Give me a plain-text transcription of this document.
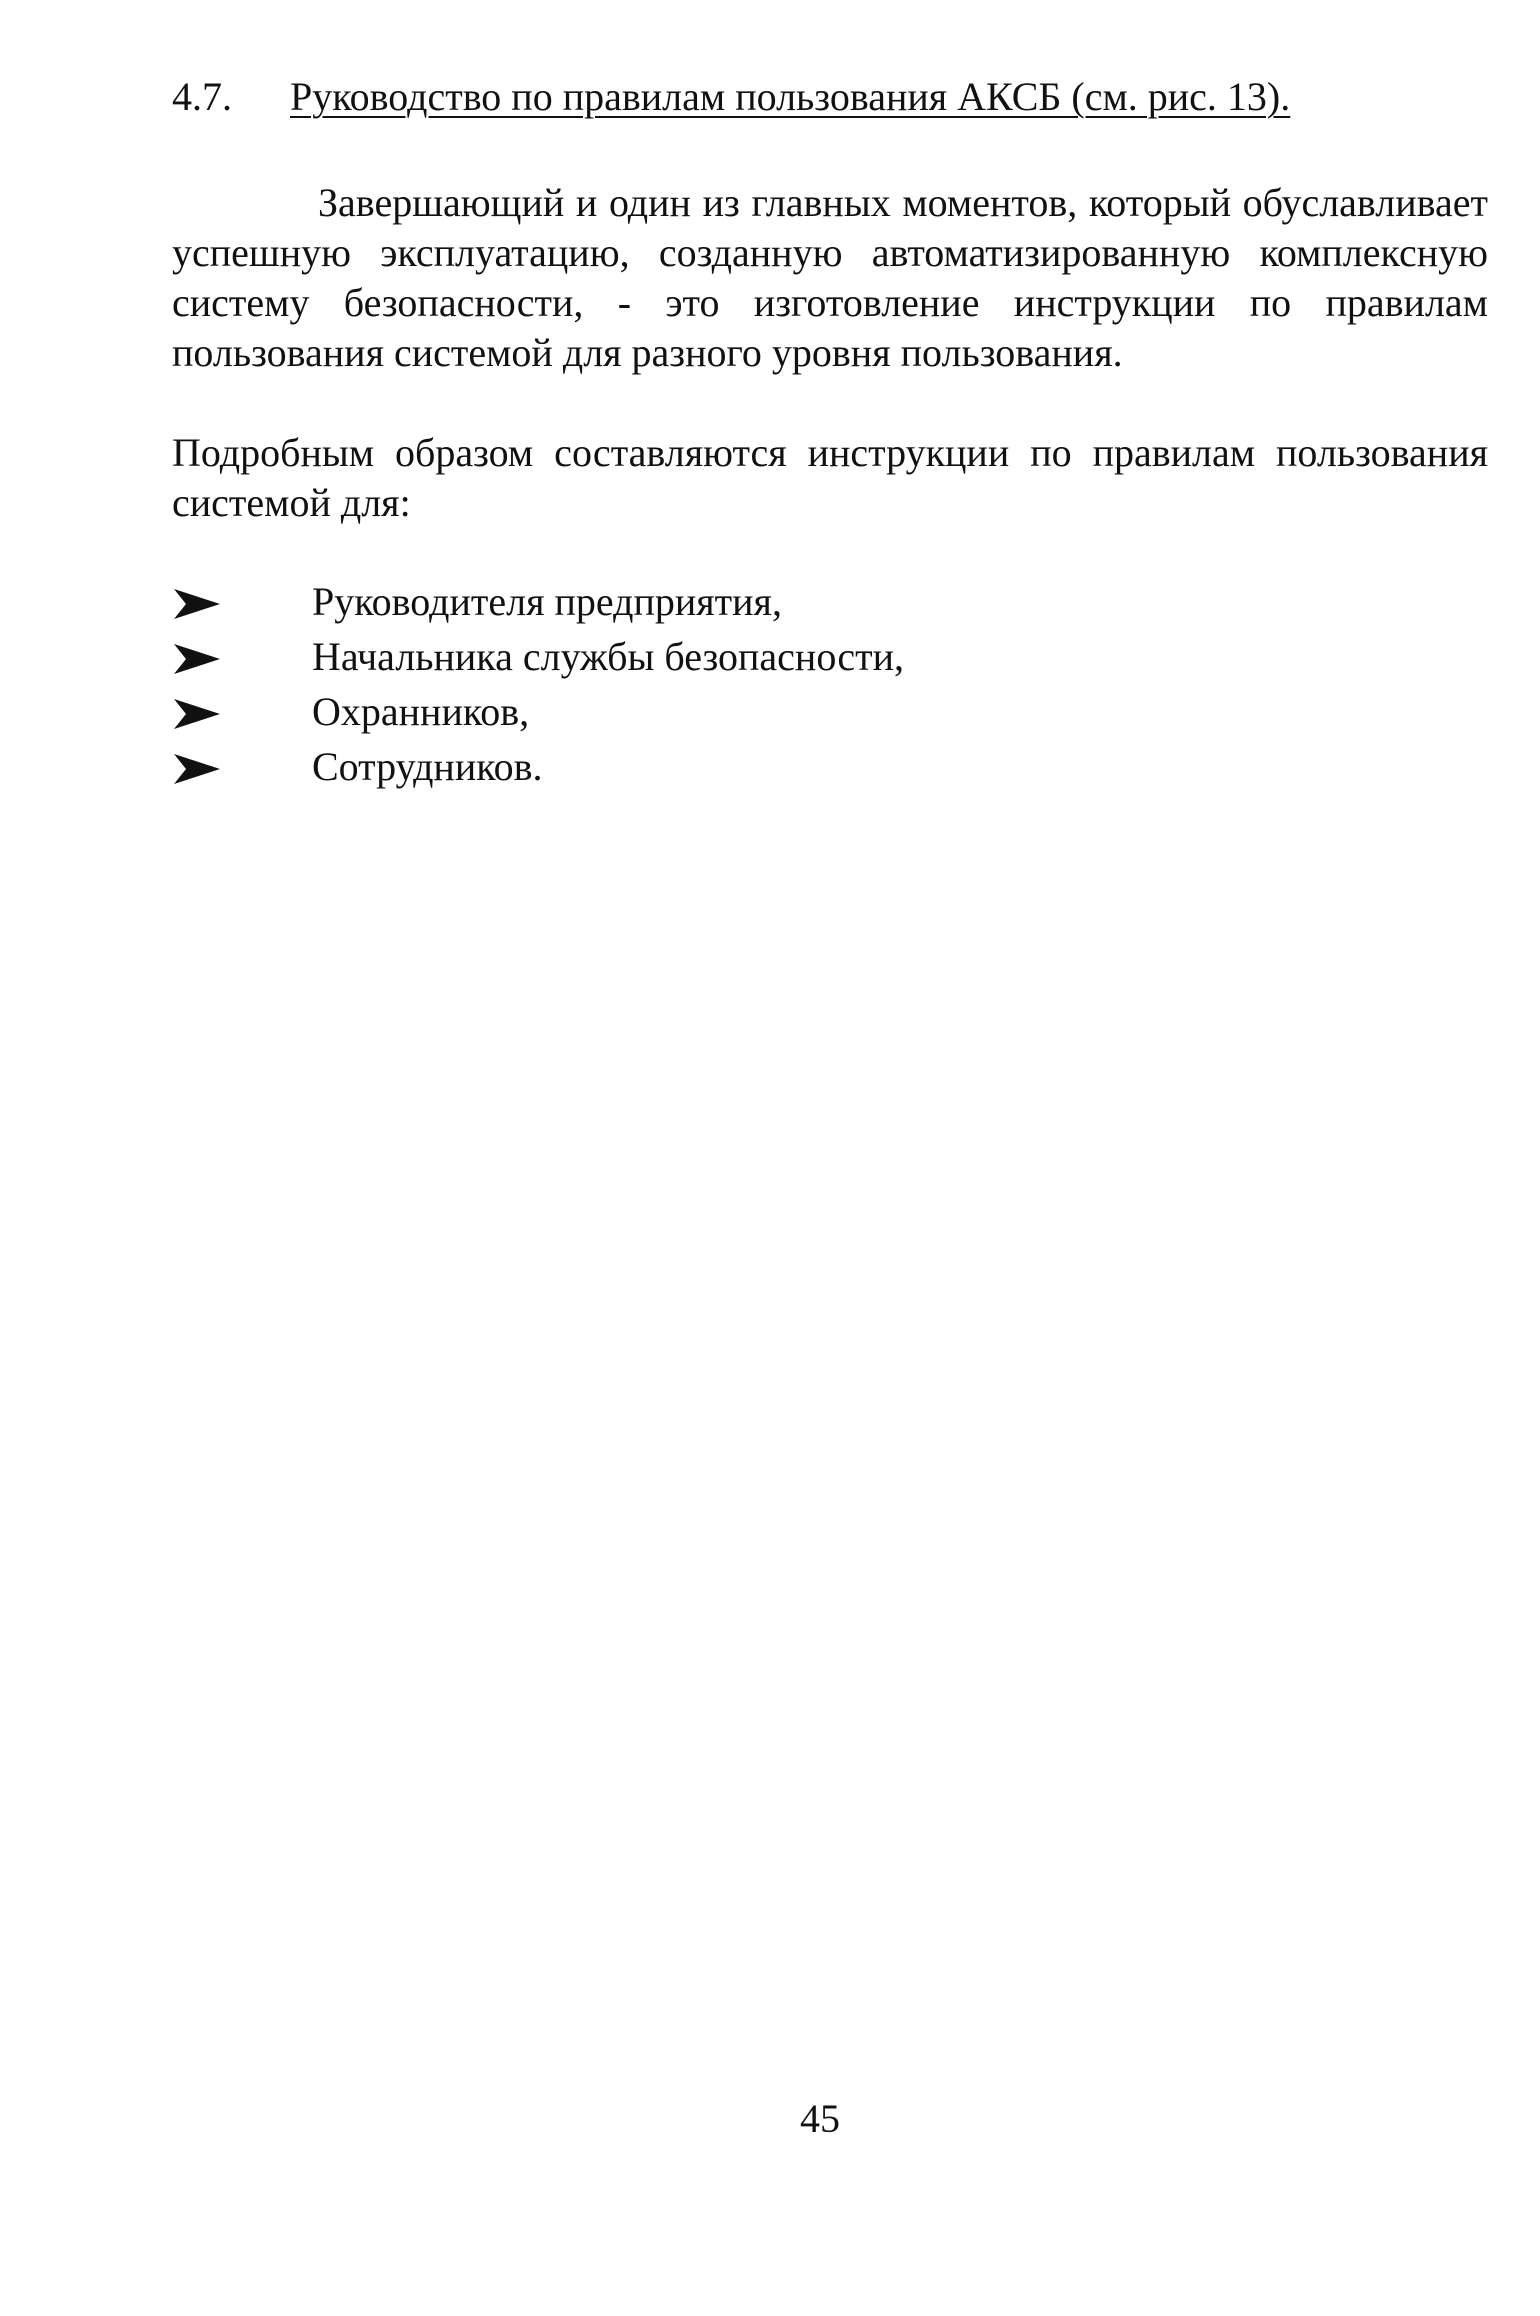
4.7. Руководство по правилам пользования АКСБ (см. рис. 13).

Завершающий и один из главных моментов, который обуславливает успешную эксплуатацию, созданную автоматизированную комплексную систему безопасности, - это изготовление инструкции по правилам пользования системой для разного уровня пользования.

Подробным образом составляются инструкции по правилам пользования системой для:

Руководителя предприятия,
Начальника службы безопасности,
Охранников,
Сотрудников.
45
